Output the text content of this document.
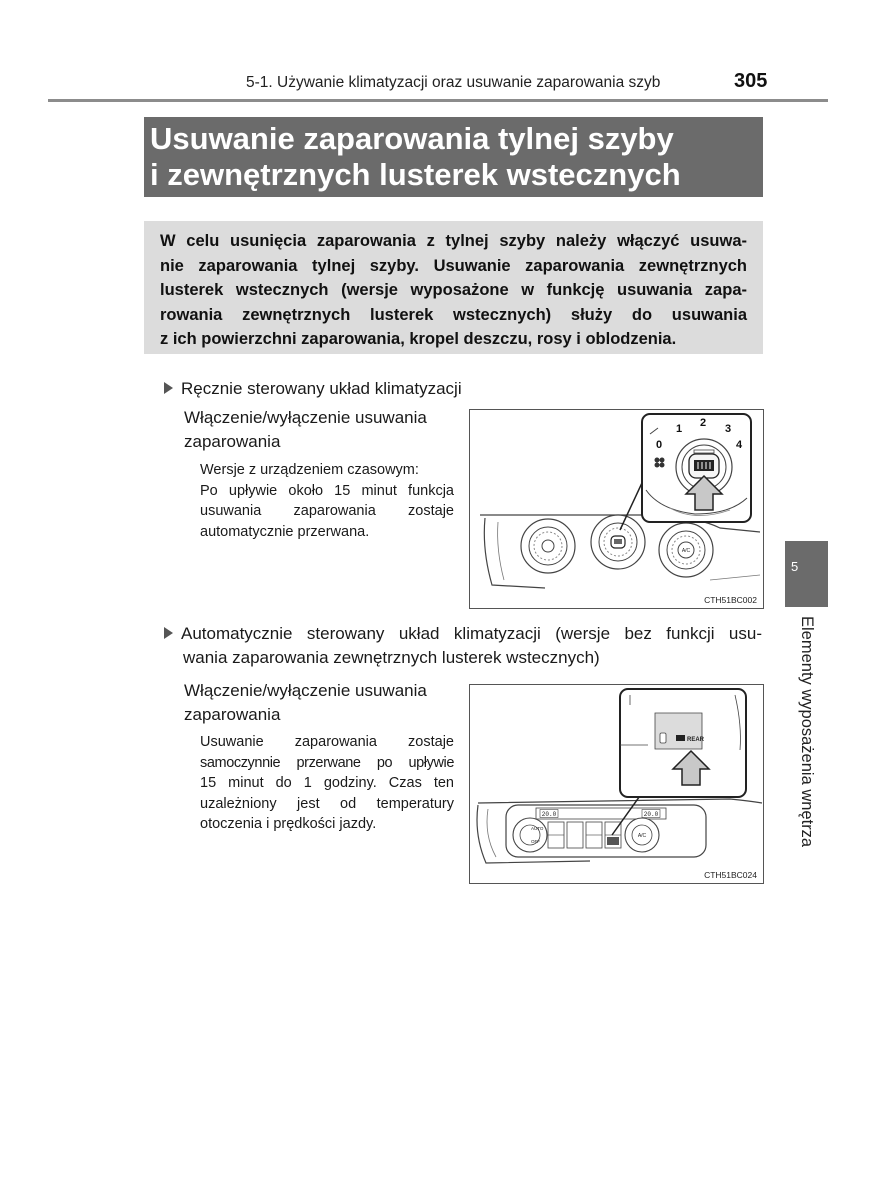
5-1. Używanie klimatyzacji oraz usuwanie zaparowania szyb	305
Usuwanie zaparowania tylnej szyby
i zewnętrznych lusterek wstecznych
W celu usunięcia zaparowania z tylnej szyby należy włączyć usuwa-
nie zaparowania tylnej szyby. Usuwanie zaparowania zewnętrznych
lusterek wstecznych (wersje wyposażone w funkcję usuwania zapa-
rowania zewnętrznych lusterek wstecznych) służy do usuwania
z ich powierzchni zaparowania, kropel deszczu, rosy i oblodzenia.
Ręcznie sterowany układ klimatyzacji
Włączenie/wyłączenie usuwania
zaparowania
Wersje z urządzeniem czasowym:
Po upływie około 15 minut funkcja
usuwania zaparowania zostaje
automatycznie przerwana.
A/C
0
1 2 3
4
CTH51BC002
Automatycznie sterowany układ klimatyzacji (wersje bez funkcji usu-
wania zaparowania zewnętrznych lusterek wstecznych)
Włączenie/wyłączenie usuwania
zaparowania
Usuwanie zaparowania zostaje
samoczynnie przerwane po upływie
15 minut do 1 godziny. Czas ten
uzależniony jest od temperatury
otoczenia i prędkości jazdy.
20.0	20.0
AUTO
OFF
A/C
REAR
CTH51BC024
5
Elementy wyposażenia wnętrza
